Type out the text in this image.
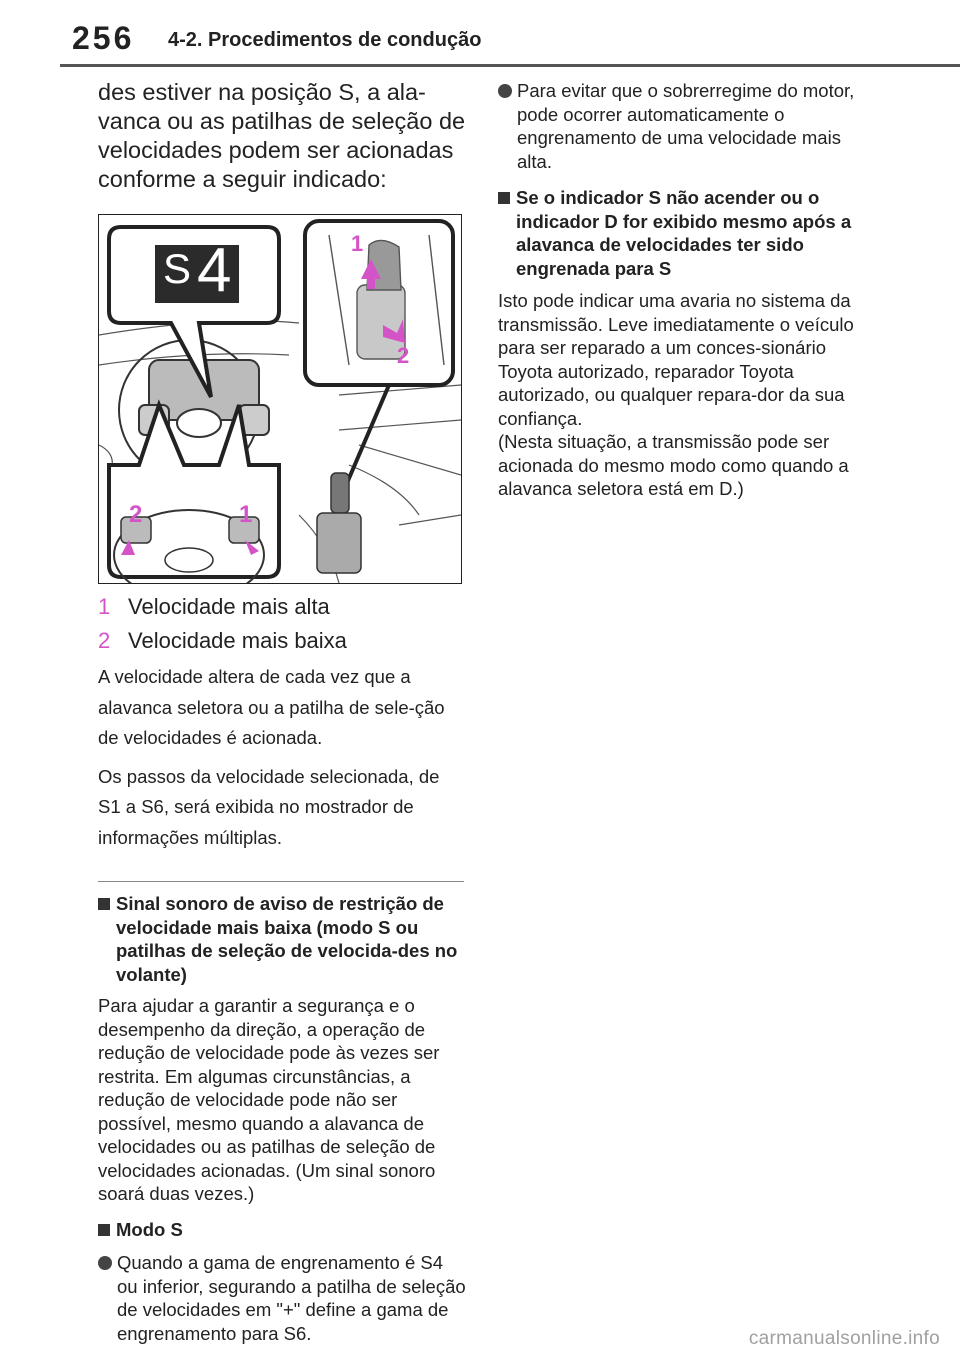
256 4-2. Procedimentos de condução

des estiver na posição S, a ala-vanca ou as patilhas de seleção de velocidades podem ser acionadas conforme a seguir indicado:

S 4	1
2
2	1
1 Velocidade mais alta
2 Velocidade mais baixa

A velocidade altera de cada vez que a alavanca seletora ou a patilha de sele-ção de velocidades é acionada.

Os passos da velocidade selecionada, de S1 a S6, será exibida no mostrador de informações múltiplas.

Sinal sonoro de aviso de restrição de velocidade mais baixa (modo S ou patilhas de seleção de velocida-des no volante)

Para ajudar a garantir a segurança e o desempenho da direção, a operação de redução de velocidade pode às vezes ser restrita. Em algumas circunstâncias, a redução de velocidade pode não ser possível, mesmo quando a alavanca de velocidades ou as patilhas de seleção de velocidades acionadas. (Um sinal sonoro soará duas vezes.)

Modo S
Quando a gama de engrenamento é S4 ou inferior, segurando a patilha de seleção de velocidades em "+" define a gama de engrenamento para S6.
Para evitar que o sobrerregime do motor, pode ocorrer automaticamente o engrenamento de uma velocidade mais alta.
Se o indicador S não acender ou o indicador D for exibido mesmo após a alavanca de velocidades ter sido engrenada para S

Isto pode indicar uma avaria no sistema da transmissão. Leve imediatamente o veículo para ser reparado a um conces-sionário Toyota autorizado, reparador Toyota autorizado, ou qualquer repara-dor da sua confiança.
(Nesta situação, a transmissão pode ser acionada do mesmo modo como quando a alavanca seletora está em D.)

carmanualsonline.info
